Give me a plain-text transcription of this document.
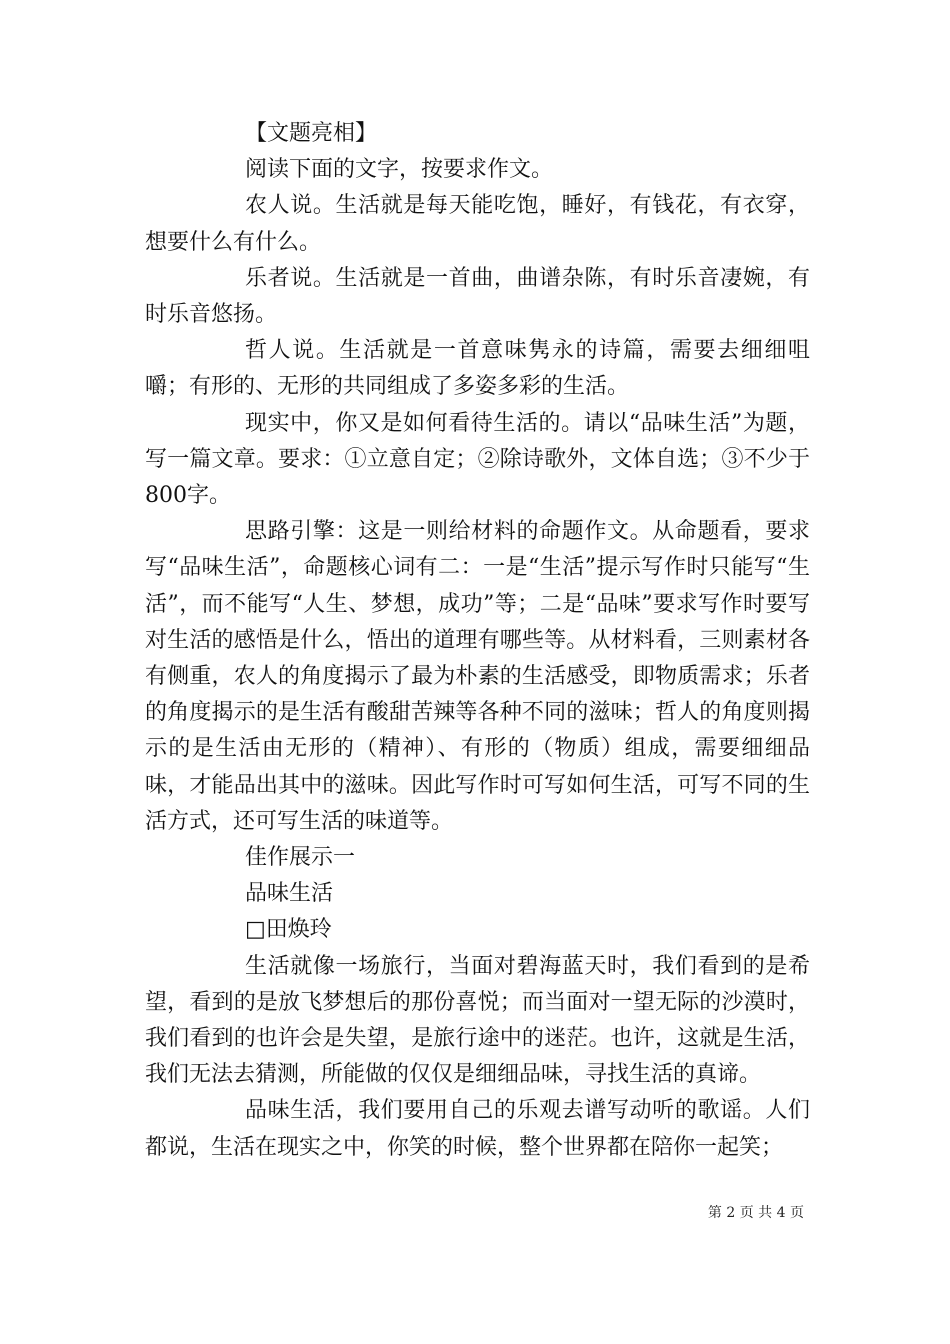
【文题亮相】

阅读下面的文字，按要求作文。

农人说。生活就是每天能吃饱，睡好，有钱花，有衣穿，想要什么有什么。

乐者说。生活就是一首曲，曲谱杂陈，有时乐音凄婉，有时乐音悠扬。

哲人说。生活就是一首意味隽永的诗篇，需要去细细咀嚼；有形的、无形的共同组成了多姿多彩的生活。

现实中，你又是如何看待生活的。请以“品味生活”为题，写一篇文章。要求：①立意自定；②除诗歌外，文体自选；③不少于800字。

思路引擎：这是一则给材料的命题作文。从命题看，要求写“品味生活”，命题核心词有二：一是“生活”提示写作时只能写“生活”，而不能写“人生、梦想，成功”等；二是“品味”要求写作时要写对生活的感悟是什么，悟出的道理有哪些等。从材料看，三则素材各有侧重，农人的角度揭示了最为朴素的生活感受，即物质需求；乐者的角度揭示的是生活有酸甜苦辣等各种不同的滋味；哲人的角度则揭示的是生活由无形的（精神）、有形的（物质）组成，需要细细品味，才能品出其中的滋味。因此写作时可写如何生活，可写不同的生活方式，还可写生活的味道等。

佳作展示一

品味生活

□田焕玲

生活就像一场旅行，当面对碧海蓝天时，我们看到的是希望，看到的是放飞梦想后的那份喜悦；而当面对一望无际的沙漠时，我们看到的也许会是失望，是旅行途中的迷茫。也许，这就是生活，我们无法去猜测，所能做的仅仅是细细品味，寻找生活的真谛。

品味生活，我们要用自己的乐观去谱写动听的歌谣。人们都说，生活在现实之中，你笑的时候，整个世界都在陪你一起笑；

第 2 页 共 4 页
